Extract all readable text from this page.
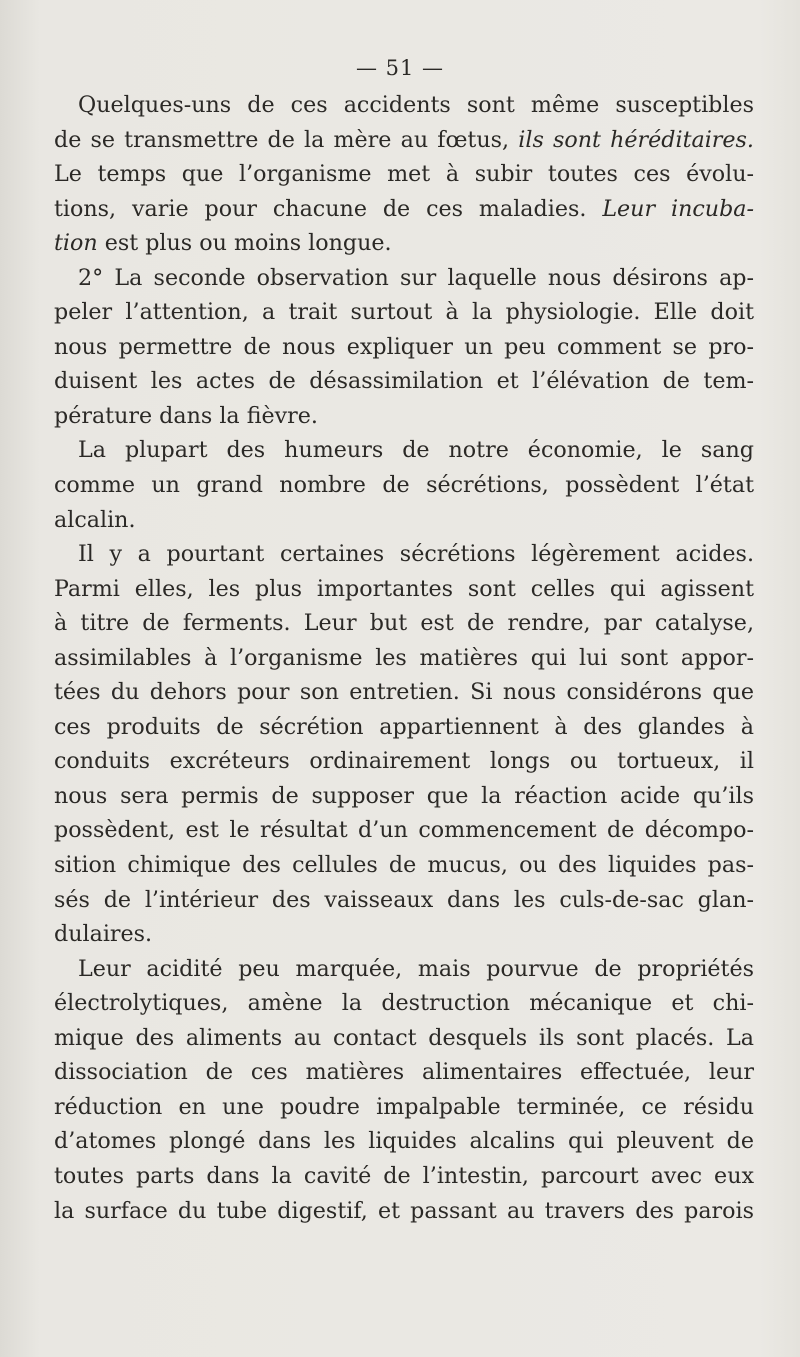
— 51 —
Quelques-uns de ces accidents sont même susceptibles
de se transmettre de la mère au fœtus, ils sont héréditaires.
Le temps que l’organisme met à subir toutes ces évolu-
tions, varie pour chacune de ces maladies. Leur incuba-
tion est plus ou moins longue.
2° La seconde observation sur laquelle nous désirons ap-
peler l’attention, a trait surtout à la physiologie. Elle doit
nous permettre de nous expliquer un peu comment se pro-
duisent les actes de désassimilation et l’élévation de tem-
pérature dans la fièvre.
La plupart des humeurs de notre économie, le sang
comme un grand nombre de sécrétions, possèdent l’état
alcalin.
Il y a pourtant certaines sécrétions légèrement acides.
Parmi elles, les plus importantes sont celles qui agissent
à titre de ferments. Leur but est de rendre, par catalyse,
assimilables à l’organisme les matières qui lui sont appor-
tées du dehors pour son entretien. Si nous considérons que
ces produits de sécrétion appartiennent à des glandes à
conduits excréteurs ordinairement longs ou tortueux, il
nous sera permis de supposer que la réaction acide qu’ils
possèdent, est le résultat d’un commencement de décompo-
sition chimique des cellules de mucus, ou des liquides pas-
sés de l’intérieur des vaisseaux dans les culs-de-sac glan-
dulaires.
Leur acidité peu marquée, mais pourvue de propriétés
électrolytiques, amène la destruction mécanique et chi-
mique des aliments au contact desquels ils sont placés. La
dissociation de ces matières alimentaires effectuée, leur
réduction en une poudre impalpable terminée, ce résidu
d’atomes plongé dans les liquides alcalins qui pleuvent de
toutes parts dans la cavité de l’intestin, parcourt avec eux
la surface du tube digestif, et passant au travers des parois
